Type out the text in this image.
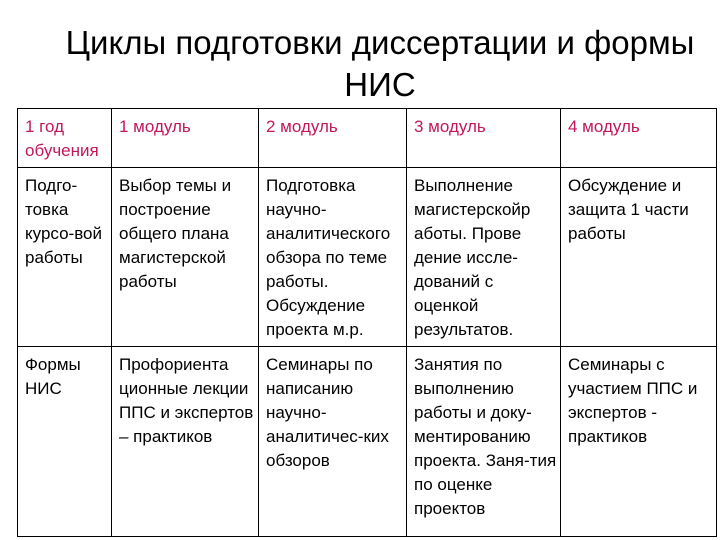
Циклы подготовки диссертации и формы НИС
1 год обучения	1 модуль	2 модуль	3 модуль	4 модуль
Подго-товка курсо-вой работы	Выбор темы и построение общего плана магистерской работы	Подготовка научно-аналитического обзора по теме работы. Обсуждение проекта м.р.	Выполнение магистерскойр аботы. Прове дение иссле-дований с оценкой результатов.	Обсуждение и защита 1 части работы
Формы НИС	Профориента ционные лекции ППС и экспертов – практиков	Семинары по написанию научно-аналитичес-ких обзоров	Занятия по выполнению работы и доку-ментированию проекта. Заня-тия по оценке проектов	Семинары с участием ППС и экспертов - практиков
